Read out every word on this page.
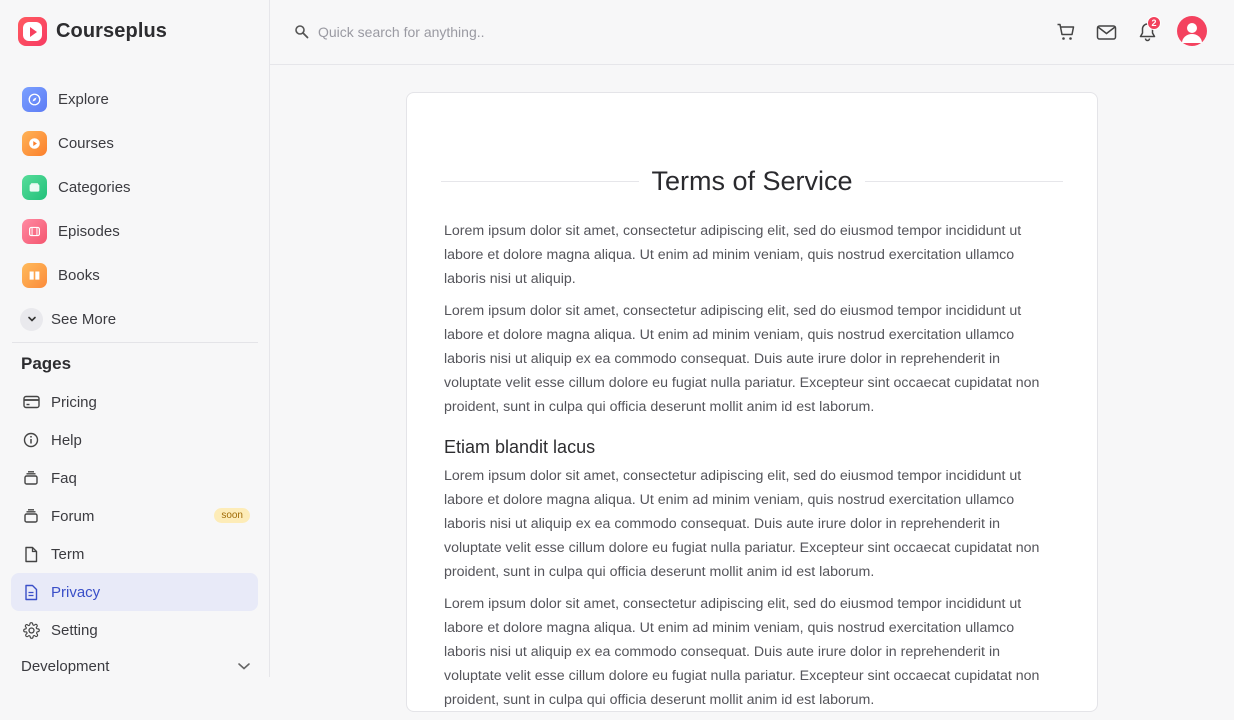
Courseplus
Explore
Courses
Categories
Episodes
Books
See More
Pages
Pricing
Help
Faq
Forum	soon
Term
Privacy
Setting
Development
Quick search for anything..
2
Terms of Service

Lorem ipsum dolor sit amet, consectetur adipiscing elit, sed do eiusmod tempor incididunt ut labore et dolore magna aliqua. Ut enim ad minim veniam, quis nostrud exercitation ullamco laboris nisi ut aliquip.

Lorem ipsum dolor sit amet, consectetur adipiscing elit, sed do eiusmod tempor incididunt ut labore et dolore magna aliqua. Ut enim ad minim veniam, quis nostrud exercitation ullamco laboris nisi ut aliquip ex ea commodo consequat. Duis aute irure dolor in reprehenderit in voluptate velit esse cillum dolore eu fugiat nulla pariatur. Excepteur sint occaecat cupidatat non proident, sunt in culpa qui officia deserunt mollit anim id est laborum.

Etiam blandit lacus

Lorem ipsum dolor sit amet, consectetur adipiscing elit, sed do eiusmod tempor incididunt ut labore et dolore magna aliqua. Ut enim ad minim veniam, quis nostrud exercitation ullamco laboris nisi ut aliquip ex ea commodo consequat. Duis aute irure dolor in reprehenderit in voluptate velit esse cillum dolore eu fugiat nulla pariatur. Excepteur sint occaecat cupidatat non proident, sunt in culpa qui officia deserunt mollit anim id est laborum.

Lorem ipsum dolor sit amet, consectetur adipiscing elit, sed do eiusmod tempor incididunt ut labore et dolore magna aliqua. Ut enim ad minim veniam, quis nostrud exercitation ullamco laboris nisi ut aliquip ex ea commodo consequat. Duis aute irure dolor in reprehenderit in voluptate velit esse cillum dolore eu fugiat nulla pariatur. Excepteur sint occaecat cupidatat non proident, sunt in culpa qui officia deserunt mollit anim id est laborum.
